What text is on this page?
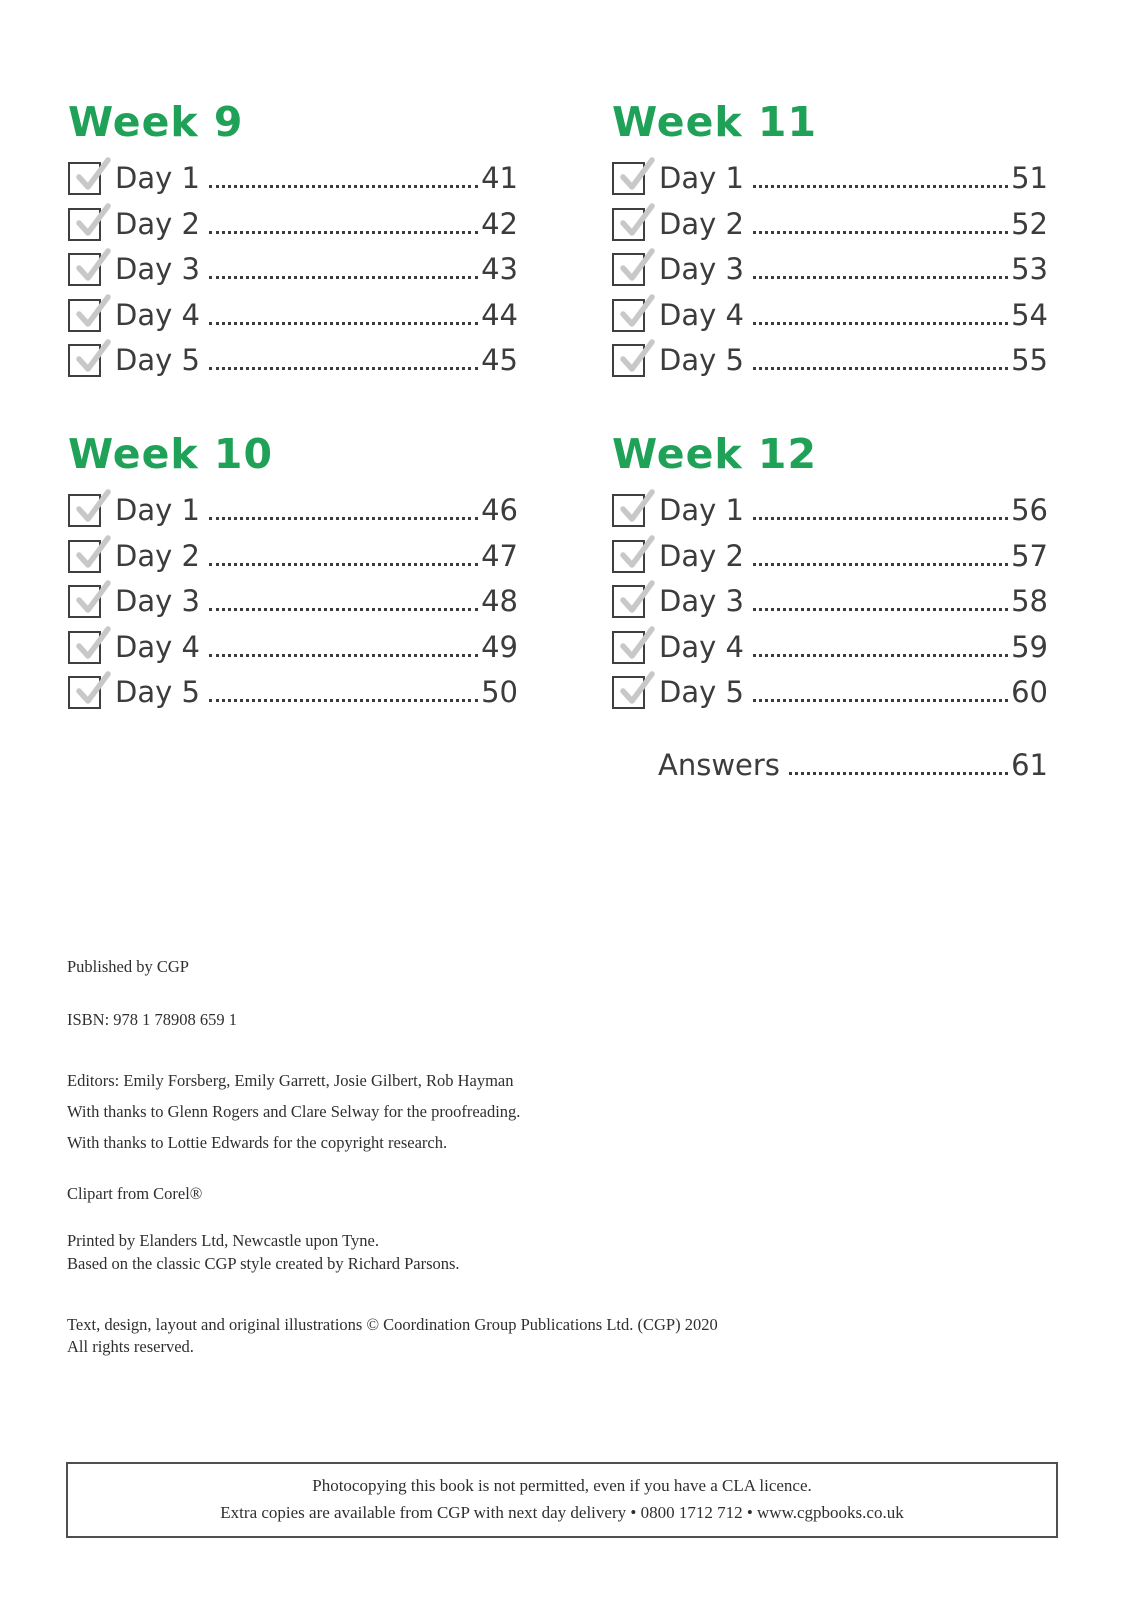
Week 9
Day 1	41
Day 2	42
Day 3	43
Day 4	44
Day 5	45
Week 10
Day 1	46
Day 2	47
Day 3	48
Day 4	49
Day 5	50
Week 11
Day 1	51
Day 2	52
Day 3	53
Day 4	54
Day 5	55
Week 12
Day 1	56
Day 2	57
Day 3	58
Day 4	59
Day 5	60
Answers	61
Published by CGP
ISBN: 978 1 78908 659 1
Editors: Emily Forsberg, Emily Garrett, Josie Gilbert, Rob Hayman
With thanks to Glenn Rogers and Clare Selway for the proofreading.
With thanks to Lottie Edwards for the copyright research.
Clipart from Corel®
Printed by Elanders Ltd, Newcastle upon Tyne.
Based on the classic CGP style created by Richard Parsons.
Text, design, layout and original illustrations © Coordination Group Publications Ltd. (CGP) 2020
All rights reserved.
Photocopying this book is not permitted, even if you have a CLA licence.
Extra copies are available from CGP with next day delivery • 0800 1712 712 • www.cgpbooks.co.uk
